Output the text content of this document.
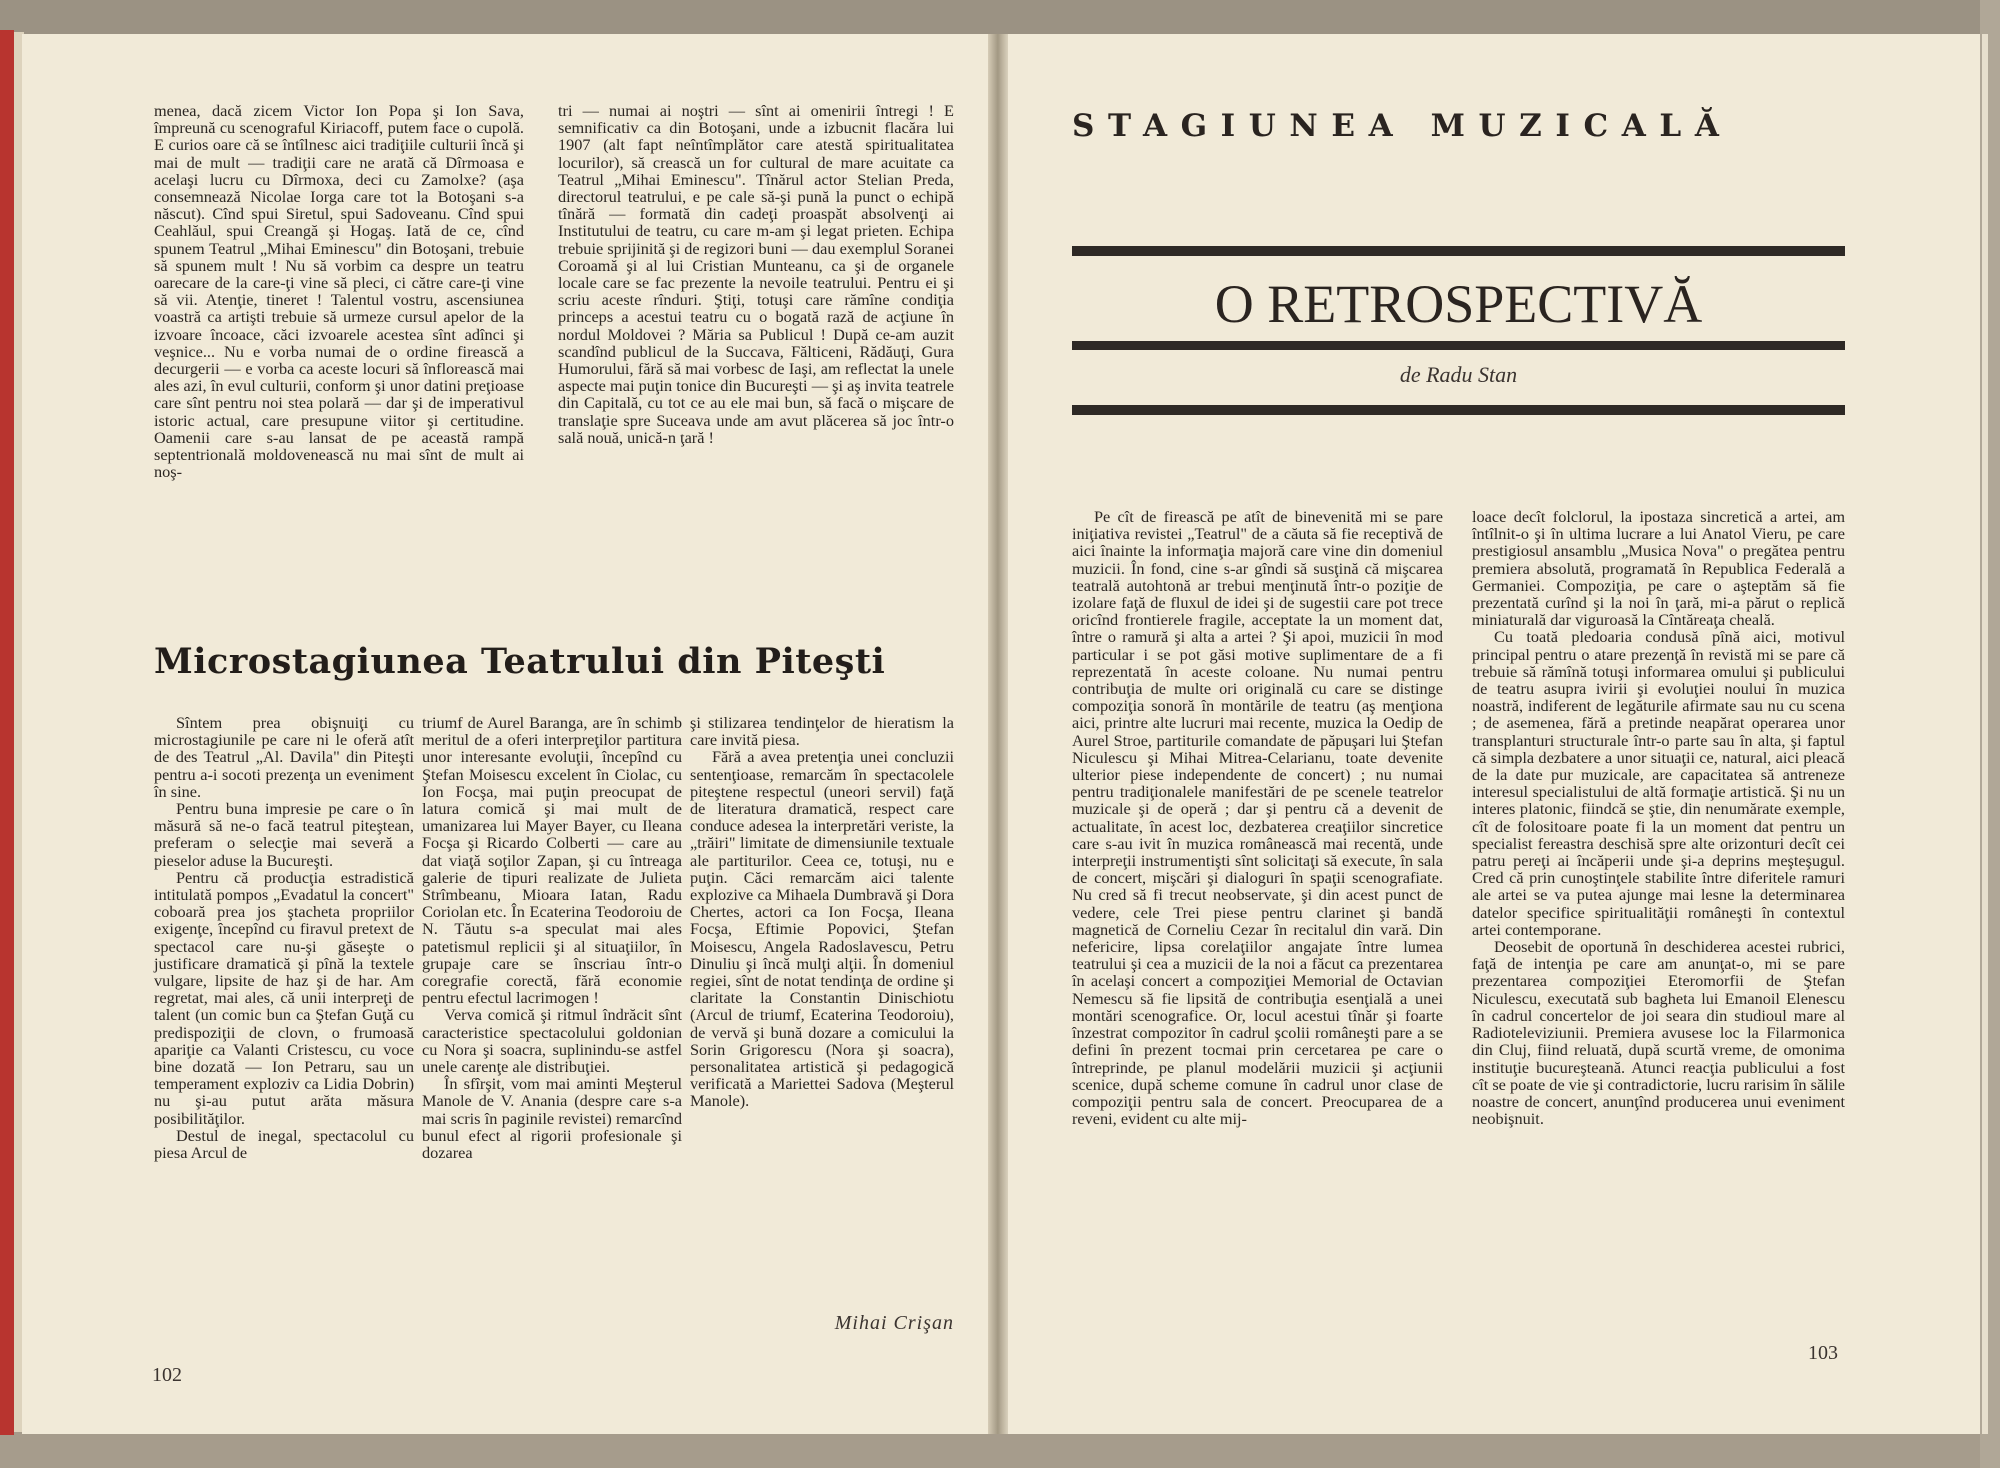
menea, dacă zicem Victor Ion Popa şi Ion Sava, împreună cu scenograful Kiriacoff, putem face o cupolă. E curios oare că se întîlnesc aici tradiţiile culturii încă şi mai de mult — tradiţii care ne arată că Dîrmoasa e acelaşi lucru cu Dîrmoxa, deci cu Zamolxe? (aşa consemnează Nicolae Iorga care tot la Botoşani s-a născut). Cînd spui Siretul, spui Sadoveanu. Cînd spui Ceahlăul, spui Creangă şi Hogaş. Iată de ce, cînd spunem Teatrul „Mihai Eminescu" din Botoşani, trebuie să spunem mult ! Nu să vorbim ca despre un teatru oarecare de la care-ţi vine să pleci, ci către care-ţi vine să vii. Atenţie, tineret ! Talentul vostru, ascensiunea voastră ca artişti trebuie să urmeze cursul apelor de la izvoare încoace, căci izvoarele acestea sînt adînci şi veşnice... Nu e vorba numai de o ordine firească a decurgerii — e vorba ca aceste locuri să înflorească mai ales azi, în evul culturii, conform şi unor datini preţioase care sînt pentru noi stea polară — dar şi de imperativul istoric actual, care presupune viitor şi certitudine. Oamenii care s-au lansat de pe această rampă septentrională moldovenească nu mai sînt de mult ai noş-

tri — numai ai noştri — sînt ai omenirii întregi ! E semnificativ ca din Botoşani, unde a izbucnit flacăra lui 1907 (alt fapt neîntîmplător care atestă spiritualitatea locurilor), să crească un for cultural de mare acuitate ca Teatrul „Mihai Eminescu". Tînărul actor Stelian Preda, directorul teatrului, e pe cale să-şi pună la punct o echipă tînără — formată din cadeţi proaspăt absolvenţi ai Institutului de teatru, cu care m-am şi legat prieten. Echipa trebuie sprijinită şi de regizori buni — dau exemplul Soranei Coroamă şi al lui Cristian Munteanu, ca şi de organele locale care se fac prezente la nevoile teatrului. Pentru ei şi scriu aceste rînduri. Ştiţi, totuşi care rămîne condiţia princeps a acestui teatru cu o bogată rază de acţiune în nordul Moldovei ? Măria sa Publicul ! După ce-am auzit scandînd publicul de la Succava, Fălticeni, Rădăuţi, Gura Humorului, fără să mai vorbesc de Iaşi, am reflectat la unele aspecte mai puţin tonice din Bucureşti — şi aş invita teatrele din Capitală, cu tot ce au ele mai bun, să facă o mişcare de translaţie spre Suceava unde am avut plăcerea să joc într-o sală nouă, unică-n ţară !

Microstagiunea Teatrului din Piteşti

Sîntem prea obişnuiţi cu microstagiunile pe care ni le oferă atît de des Teatrul „Al. Davila" din Piteşti pentru a-i socoti prezenţa un eveniment în sine.

Pentru buna impresie pe care o în măsură să ne-o facă teatrul piteştean, preferam o selecţie mai severă a pieselor aduse la Bucureşti.

Pentru că producţia estradistică intitulată pompos „Evadatul la concert" coboară prea jos ştacheta propriilor exigenţe, începînd cu firavul pretext de spectacol care nu-şi găseşte o justificare dramatică şi pînă la textele vulgare, lipsite de haz şi de har. Am regretat, mai ales, că unii interpreţi de talent (un comic bun ca Ştefan Guţă cu predispoziţii de clovn, o frumoasă apariţie ca Valanti Cristescu, cu voce bine dozată — Ion Petraru, sau un temperament exploziv ca Lidia Dobrin) nu şi-au putut arăta măsura posibilităţilor.

Destul de inegal, spectacolul cu piesa Arcul de

triumf de Aurel Baranga, are în schimb meritul de a oferi interpreţilor partitura unor interesante evoluţii, începînd cu Ştefan Moisescu excelent în Ciolac, cu Ion Focşa, mai puţin preocupat de latura comică şi mai mult de umanizarea lui Mayer Bayer, cu Ileana Focşa şi Ricardo Colberti — care au dat viaţă soţilor Zapan, şi cu întreaga galerie de tipuri realizate de Julieta Strîmbeanu, Mioara Iatan, Radu Coriolan etc. În Ecaterina Teodoroiu de N. Tăutu s-a speculat mai ales patetismul replicii şi al situaţiilor, în grupaje care se înscriau într-o coregrafie corectă, fără economie pentru efectul lacrimogen !

Verva comică şi ritmul îndrăcit sînt caracteristice spectacolului goldonian cu Nora şi soacra, suplinindu-se astfel unele carenţe ale distribuţiei.

În sfîrşit, vom mai aminti Meşterul Manole de V. Anania (despre care s-a mai scris în paginile revistei) remarcînd bunul efect al rigorii profesionale şi dozarea

şi stilizarea tendinţelor de hieratism la care invită piesa.

Fără a avea pretenţia unei concluzii sentenţioase, remarcăm în spectacolele piteştene respectul (uneori servil) faţă de literatura dramatică, respect care conduce adesea la interpretări veriste, la „trăiri" limitate de dimensiunile textuale ale partiturilor. Ceea ce, totuşi, nu e puţin. Căci remarcăm aici talente explozive ca Mihaela Dumbravă şi Dora Chertes, actori ca Ion Focşa, Ileana Focşa, Eftimie Popovici, Ştefan Moisescu, Angela Radoslavescu, Petru Dinuliu şi încă mulţi alţii. În domeniul regiei, sînt de notat tendinţa de ordine şi claritate la Constantin Dinischiotu (Arcul de triumf, Ecaterina Teodoroiu), de vervă şi bună dozare a comicului la Sorin Grigorescu (Nora şi soacra), personalitatea artistică şi pedagogică verificată a Mariettei Sadova (Meşterul Manole).

Mihai Crişan
102
STAGIUNEA MUZICALĂ
O RETROSPECTIVĂ
de Radu Stan

Pe cît de firească pe atît de binevenită mi se pare iniţiativa revistei „Teatrul" de a căuta să fie receptivă de aici înainte la informaţia majoră care vine din domeniul muzicii. În fond, cine s-ar gîndi să susţină că mişcarea teatrală autohtonă ar trebui menţinută într-o poziţie de izolare faţă de fluxul de idei şi de sugestii care pot trece oricînd frontierele fragile, acceptate la un moment dat, între o ramură şi alta a artei ? Şi apoi, muzicii în mod particular i se pot găsi motive suplimentare de a fi reprezentată în aceste coloane. Nu numai pentru contribuţia de multe ori originală cu care se distinge compoziţia sonoră în montările de teatru (aş menţiona aici, printre alte lucruri mai recente, muzica la Oedip de Aurel Stroe, partiturile comandate de păpuşari lui Ştefan Niculescu şi Mihai Mitrea-Celarianu, toate devenite ulterior piese independente de concert) ; nu numai pentru tradiţionalele manifestări de pe scenele teatrelor muzicale şi de operă ; dar şi pentru că a devenit de actualitate, în acest loc, dezbaterea creaţiilor sincretice care s-au ivit în muzica românească mai recentă, unde interpreţii instrumentişti sînt solicitaţi să execute, în sala de concert, mişcări şi dialoguri în spaţii scenografiate. Nu cred să fi trecut neobservate, şi din acest punct de vedere, cele Trei piese pentru clarinet şi bandă magnetică de Corneliu Cezar în recitalul din vară. Din nefericire, lipsa corelaţiilor angajate între lumea teatrului şi cea a muzicii de la noi a făcut ca prezentarea în acelaşi concert a compoziţiei Memorial de Octavian Nemescu să fie lipsită de contribuţia esenţială a unei montări scenografice. Or, locul acestui tînăr şi foarte înzestrat compozitor în cadrul şcolii româneşti pare a se defini în prezent tocmai prin cercetarea pe care o întreprinde, pe planul modelării muzicii şi acţiunii scenice, după scheme comune în cadrul unor clase de compoziţii pentru sala de concert. Preocuparea de a reveni, evident cu alte mij-

loace decît folclorul, la ipostaza sincretică a artei, am întîlnit-o şi în ultima lucrare a lui Anatol Vieru, pe care prestigiosul ansamblu „Musica Nova" o pregătea pentru premiera absolută, programată în Republica Federală a Germaniei. Compoziţia, pe care o aşteptăm să fie prezentată curînd şi la noi în ţară, mi-a părut o replică miniaturală dar viguroasă la Cîntăreaţa cheală.

Cu toată pledoaria condusă pînă aici, motivul principal pentru o atare prezenţă în revistă mi se pare că trebuie să rămînă totuşi informarea omului şi publicului de teatru asupra ivirii şi evoluţiei noului în muzica noastră, indiferent de legăturile afirmate sau nu cu scena ; de asemenea, fără a pretinde neapărat operarea unor transplanturi structurale într-o parte sau în alta, şi faptul că simpla dezbatere a unor situaţii ce, natural, aici pleacă de la date pur muzicale, are capacitatea să antreneze interesul specialistului de altă formaţie artistică. Şi nu un interes platonic, fiindcă se ştie, din nenumărate exemple, cît de folositoare poate fi la un moment dat pentru un specialist fereastra deschisă spre alte orizonturi decît cei patru pereţi ai încăperii unde şi-a deprins meşteşugul. Cred că prin cunoştinţele stabilite între diferitele ramuri ale artei se va putea ajunge mai lesne la determinarea datelor specifice spiritualităţii româneşti în contextul artei contemporane.

Deosebit de oportună în deschiderea acestei rubrici, faţă de intenţia pe care am anunţat-o, mi se pare prezentarea compoziţiei Eteromorfii de Ştefan Niculescu, executată sub bagheta lui Emanoil Elenescu în cadrul concertelor de joi seara din studioul mare al Radioteleviziunii. Premiera avusese loc la Filarmonica din Cluj, fiind reluată, după scurtă vreme, de omonima instituţie bucureşteană. Atunci reacţia publicului a fost cît se poate de vie şi contradictorie, lucru rarisim în sălile noastre de concert, anunţînd producerea unui eveniment neobişnuit.

103
